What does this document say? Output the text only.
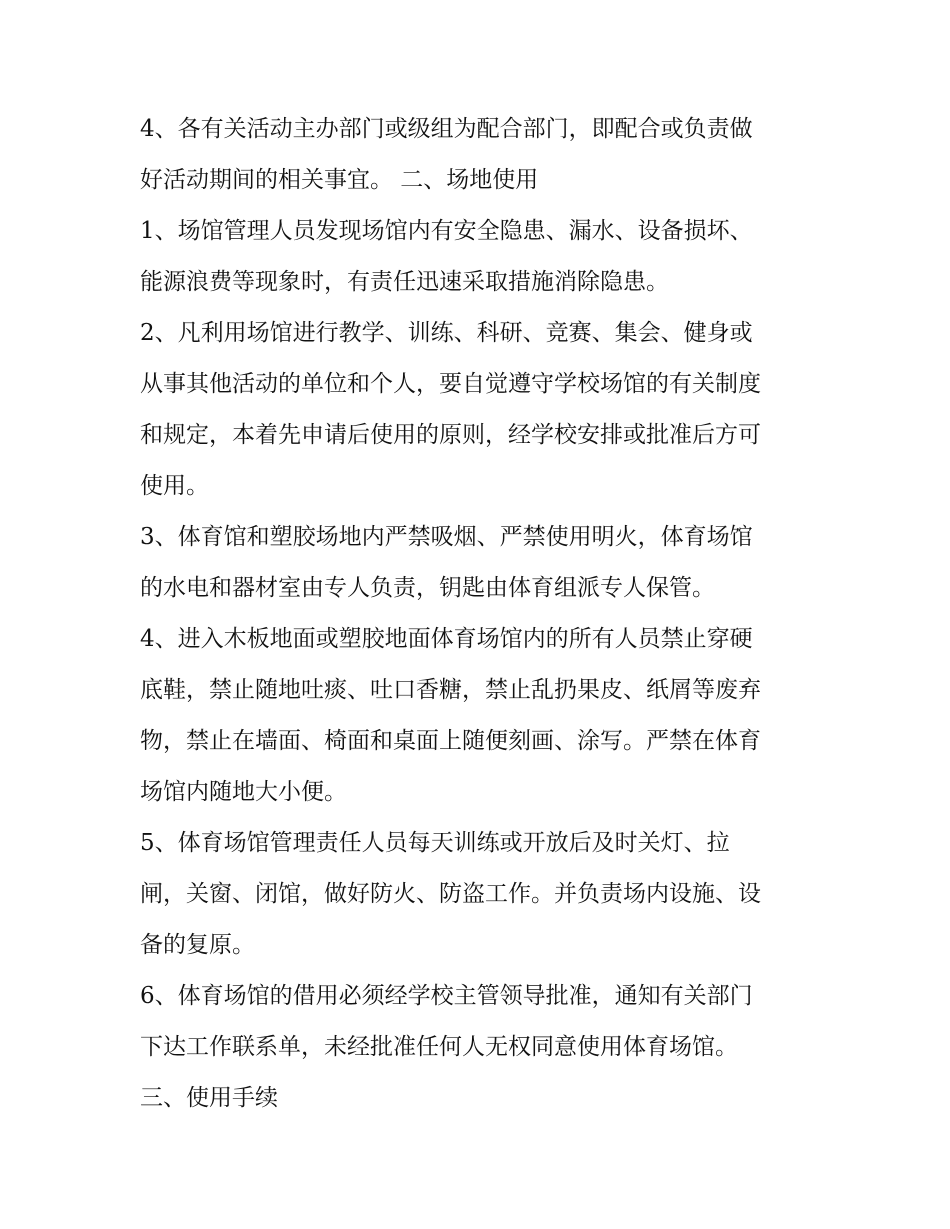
4、各有关活动主办部门或级组为配合部门，即配合或负责做
好活动期间的相关事宜。 二、场地使用
1、场馆管理人员发现场馆内有安全隐患、漏水、设备损坏、
能源浪费等现象时，有责任迅速采取措施消除隐患。
2、凡利用场馆进行教学、训练、科研、竞赛、集会、健身或
从事其他活动的单位和个人，要自觉遵守学校场馆的有关制度
和规定，本着先申请后使用的原则，经学校安排或批准后方可
使用。
3、体育馆和塑胶场地内严禁吸烟、严禁使用明火，体育场馆
的水电和器材室由专人负责，钥匙由体育组派专人保管。
4、进入木板地面或塑胶地面体育场馆内的所有人员禁止穿硬
底鞋，禁止随地吐痰、吐口香糖，禁止乱扔果皮、纸屑等废弃
物，禁止在墙面、椅面和桌面上随便刻画、涂写。严禁在体育
场馆内随地大小便。
5、体育场馆管理责任人员每天训练或开放后及时关灯、拉
闸，关窗、闭馆，做好防火、防盗工作。并负责场内设施、设
备的复原。
6、体育场馆的借用必须经学校主管领导批准，通知有关部门
下达工作联系单，未经批准任何人无权同意使用体育场馆。
三、使用手续
